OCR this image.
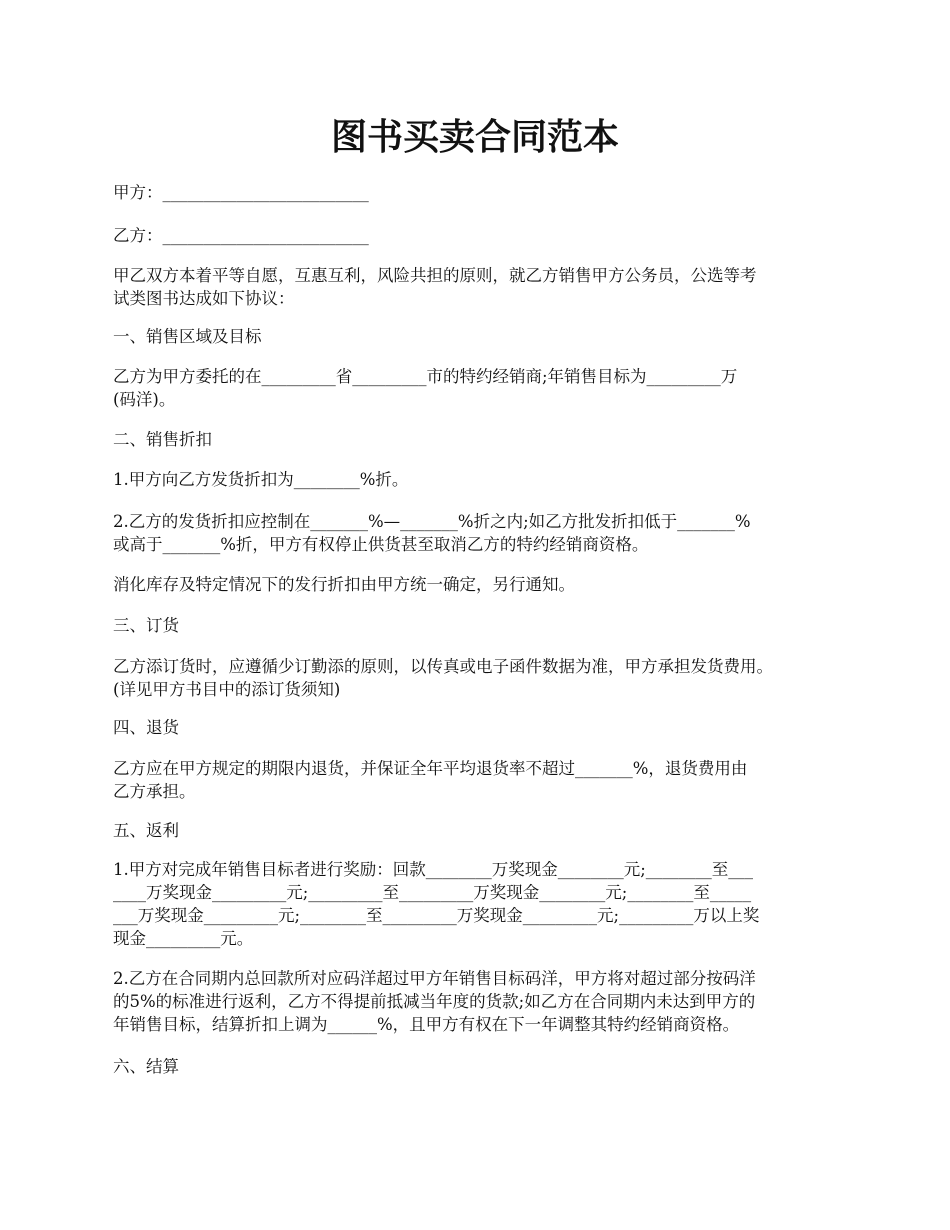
图书买卖合同范本

甲方：_________________________

乙方：_________________________

甲乙双方本着平等自愿，互惠互利，风险共担的原则，就乙方销售甲方公务员，公选等考
试类图书达成如下协议：

一、销售区域及目标

乙方为甲方委托的在_________省_________市的特约经销商;年销售目标为_________万
(码洋)。

二、销售折扣

1.甲方向乙方发货折扣为________%折。

2.乙方的发货折扣应控制在_______%—_______%折之内;如乙方批发折扣低于_______%
或高于_______%折，甲方有权停止供货甚至取消乙方的特约经销商资格。

消化库存及特定情况下的发行折扣由甲方统一确定，另行通知。

三、订货

乙方添订货时，应遵循少订勤添的原则，以传真或电子函件数据为准，甲方承担发货费用。
(详见甲方书目中的添订货须知)

四、退货

乙方应在甲方规定的期限内退货，并保证全年平均退货率不超过_______%，退货费用由
乙方承担。

五、返利

1.甲方对完成年销售目标者进行奖励：回款________万奖现金________元;________至___
____万奖现金_________元;_________至_________万奖现金________元;________至_____
___万奖现金_________元;________至_________万奖现金_________元;_________万以上奖
现金_________元。

2.乙方在合同期内总回款所对应码洋超过甲方年销售目标码洋，甲方将对超过部分按码洋
的5%的标准进行返利，乙方不得提前抵减当年度的货款;如乙方在合同期内未达到甲方的
年销售目标，结算折扣上调为______%，且甲方有权在下一年调整其特约经销商资格。

六、结算
